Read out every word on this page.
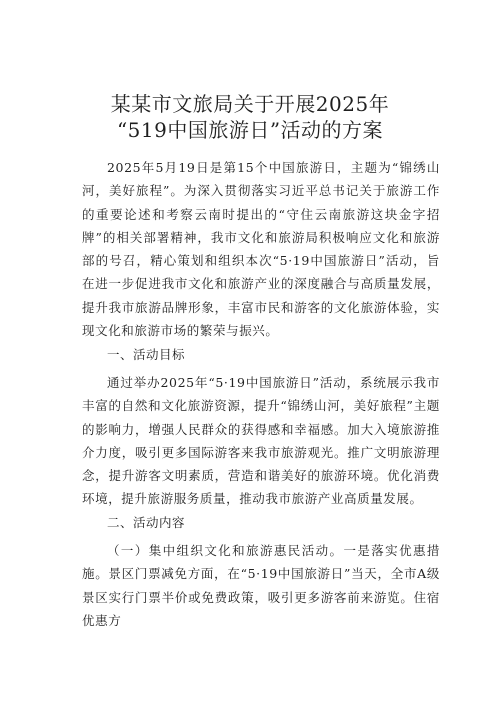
某某市文旅局关于开展2025年
“519中国旅游日”活动的方案
2025年5月19日是第15个中国旅游日，主题为“锦绣山河，美好旅程”。为深入贯彻落实习近平总书记关于旅游工作的重要论述和考察云南时提出的“守住云南旅游这块金字招牌”的相关部署精神，我市文化和旅游局积极响应文化和旅游部的号召，精心策划和组织本次“5·19中国旅游日”活动，旨在进一步促进我市文化和旅游产业的深度融合与高质量发展，提升我市旅游品牌形象，丰富市民和游客的文化旅游体验，实现文化和旅游市场的繁荣与振兴。
一、活动目标
通过举办2025年“5·19中国旅游日”活动，系统展示我市丰富的自然和文化旅游资源，提升“锦绣山河，美好旅程”主题的影响力，增强人民群众的获得感和幸福感。加大入境旅游推介力度，吸引更多国际游客来我市旅游观光。推广文明旅游理念，提升游客文明素质，营造和谐美好的旅游环境。优化消费环境，提升旅游服务质量，推动我市旅游产业高质量发展。
二、活动内容
（一）集中组织文化和旅游惠民活动。一是落实优惠措施。景区门票减免方面，在“5·19中国旅游日”当天，全市A级景区实行门票半价或免费政策，吸引更多游客前来游览。住宿优惠方
